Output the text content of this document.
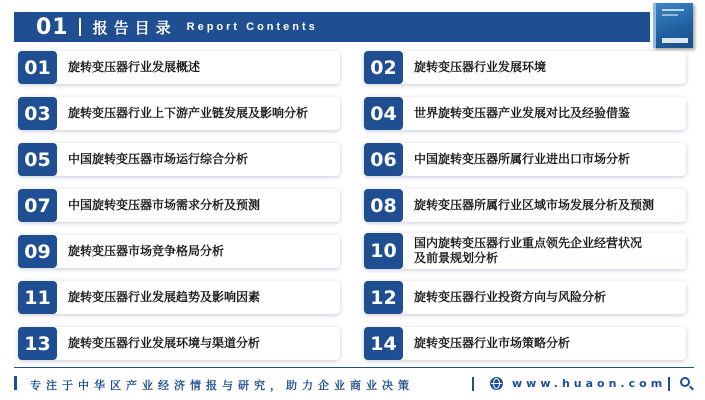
01 报告目录 Report Contents
01	旋转变压器行业发展概述	02	旋转变压器行业发展环境
03	旋转变压器行业上下游产业链发展及影响分析	04	世界旋转变压器产业发展对比及经验借鉴
05	中国旋转变压器市场运行综合分析	06	中国旋转变压器所属行业进出口市场分析
07	中国旋转变压器市场需求分析及预测	08	旋转变压器所属行业区域市场发展分析及预测
09	旋转变压器市场竞争格局分析	10	国内旋转变压器行业重点领先企业经营状况及前景规划分析
11	旋转变压器行业发展趋势及影响因素	12	旋转变压器行业投资方向与风险分析
13	旋转变压器行业发展环境与渠道分析	14	旋转变压器行业市场策略分析
专注于中华区产业经济情报与研究，助力企业商业决策	www.huaon.com
